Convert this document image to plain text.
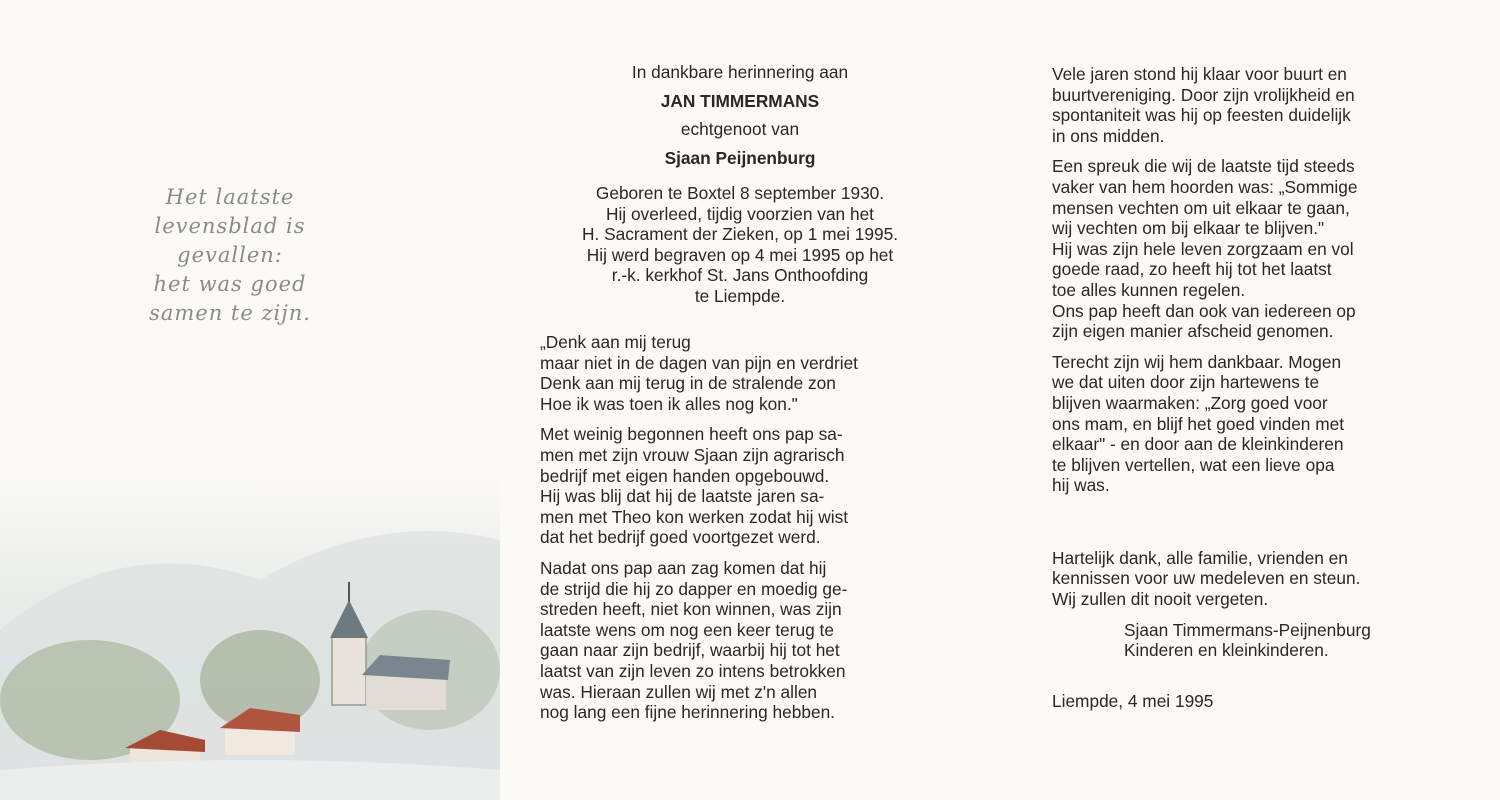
Het laatste
levensblad is gevallen:
het was goed
samen te zijn.
In dankbare herinnering aan
JAN TIMMERMANS
echtgenoot van
Sjaan Peijnenburg
Geboren te Boxtel 8 september 1930.
Hij overleed, tijdig voorzien van het
H. Sacrament der Zieken, op 1 mei 1995.
Hij werd begraven op 4 mei 1995 op het
r.-k. kerkhof St. Jans Onthoofding
te Liempde.
„Denk aan mij terug
maar niet in de dagen van pijn en verdriet
Denk aan mij terug in de stralende zon
Hoe ik was toen ik alles nog kon."
Met weinig begonnen heeft ons pap sa-
men met zijn vrouw Sjaan zijn agrarisch
bedrijf met eigen handen opgebouwd.
Hij was blij dat hij de laatste jaren sa-
men met Theo kon werken zodat hij wist
dat het bedrijf goed voortgezet werd.
Nadat ons pap aan zag komen dat hij
de strijd die hij zo dapper en moedig ge-
streden heeft, niet kon winnen, was zijn
laatste wens om nog een keer terug te
gaan naar zijn bedrijf, waarbij hij tot het
laatst van zijn leven zo intens betrokken
was. Hieraan zullen wij met z'n allen
nog lang een fijne herinnering hebben.
Vele jaren stond hij klaar voor buurt en
buurtvereniging. Door zijn vrolijkheid en
spontaniteit was hij op feesten duidelijk
in ons midden.
Een spreuk die wij de laatste tijd steeds
vaker van hem hoorden was: „Sommige
mensen vechten om uit elkaar te gaan,
wij vechten om bij elkaar te blijven."
Hij was zijn hele leven zorgzaam en vol
goede raad, zo heeft hij tot het laatst
toe alles kunnen regelen.
Ons pap heeft dan ook van iedereen op
zijn eigen manier afscheid genomen.
Terecht zijn wij hem dankbaar. Mogen
we dat uiten door zijn hartewens te
blijven waarmaken: „Zorg goed voor
ons mam, en blijf het goed vinden met
elkaar" - en door aan de kleinkinderen
te blijven vertellen, wat een lieve opa
hij was.
Hartelijk dank, alle familie, vrienden en
kennissen voor uw medeleven en steun.
Wij zullen dit nooit vergeten.
Sjaan Timmermans-Peijnenburg
Kinderen en kleinkinderen.
Liempde, 4 mei 1995
